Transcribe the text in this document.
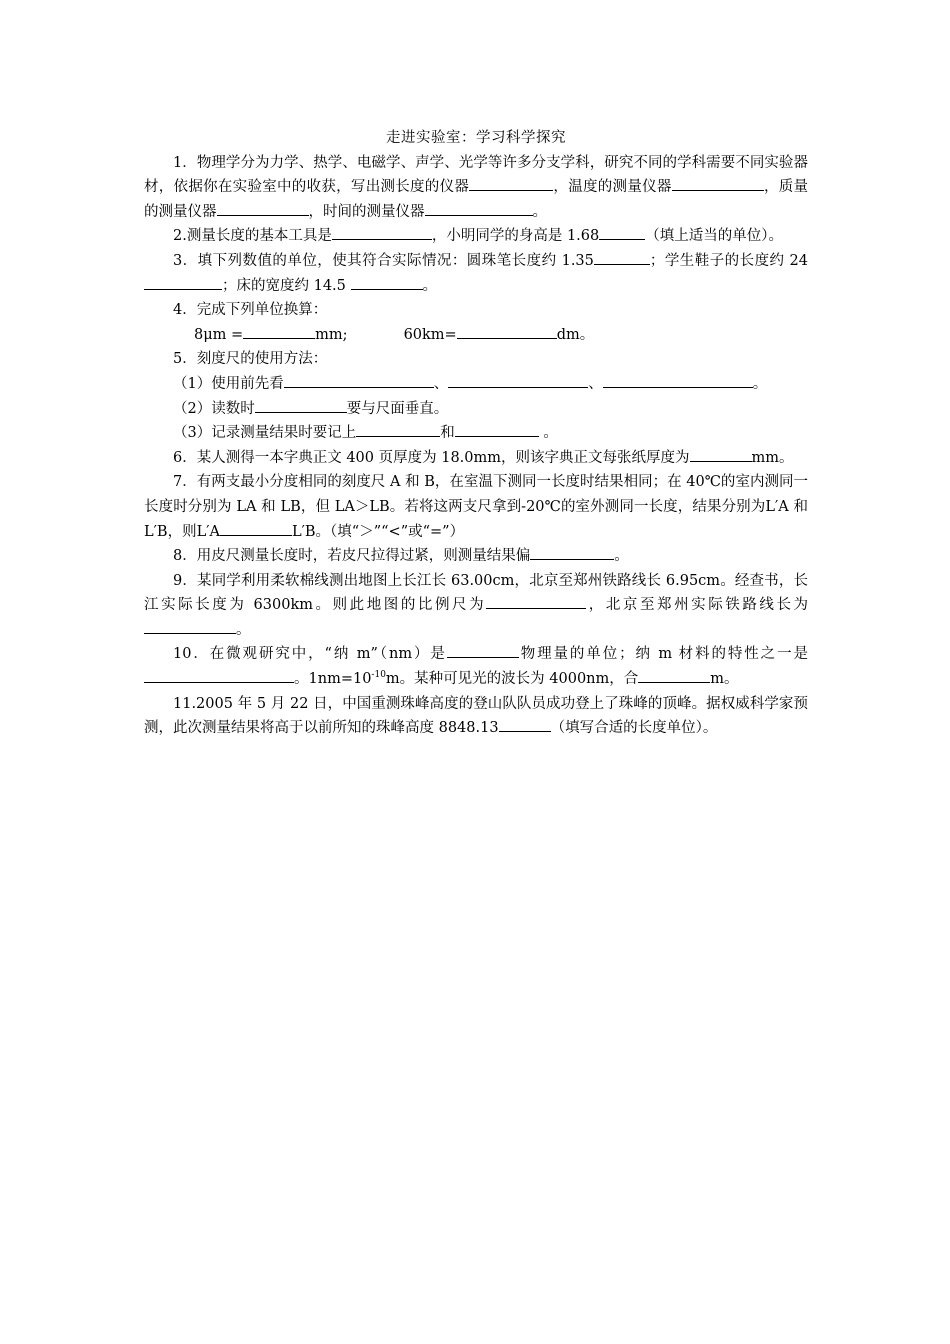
走进实验室：学习科学探究

1．物理学分为力学、热学、电磁学、声学、光学等许多分支学科，研究不同的学科需要不同实验器材，依据你在实验室中的收获，写出测长度的仪器	，温度的测量仪器	，质量的测量仪器	，时间的测量仪器	。

2.测量长度的基本工具是	，小明同学的身高是 1.68	（填上适当的单位）。

3．填下列数值的单位，使其符合实际情况：圆珠笔长度约 1.35	；学生鞋子的长度约 24；床的宽度约 14.5	。

4．完成下列单位换算：

8μm =	mm;	60km=	dm。

5．刻度尺的使用方法：

（1）使用前先看	、	、	。

（2）读数时	要与尺面垂直。

（3）记录测量结果时要记上	和	。

6．某人测得一本字典正文 400 页厚度为 18.0mm，则该字典正文每张纸厚度为	mm。

7．有两支最小分度相同的刻度尺 A 和 B，在室温下测同一长度时结果相同；在 40℃的室内测同一长度时分别为 LA 和 LB，但 LA＞LB。若将这两支尺拿到-20℃的室外测同一长度，结果分别为L′A 和L′B，则L′A	L′B。（填“＞”“<”或“=”）

8．用皮尺测量长度时，若皮尺拉得过紧，则测量结果偏	。

9．某同学利用柔软棉线测出地图上长江长 63.00cm，北京至郑州铁路线长 6.95cm。经查书，长江实际长度为 6300km。则此地图的比例尺为	，北京至郑州实际铁路线长为。

10．在微观研究中，“纳 m”（nm）是	物理量的单位；纳 m 材料的特性之一是。$1nm=10^{-10}m$。某种可见光的波长为 4000nm，合	m。

11.2005 年 5 月 22 日，中国重测珠峰高度的登山队队员成功登上了珠峰的顶峰。据权威科学家预测，此次测量结果将高于以前所知的珠峰高度 8848.13	（填写合适的长度单位）。
